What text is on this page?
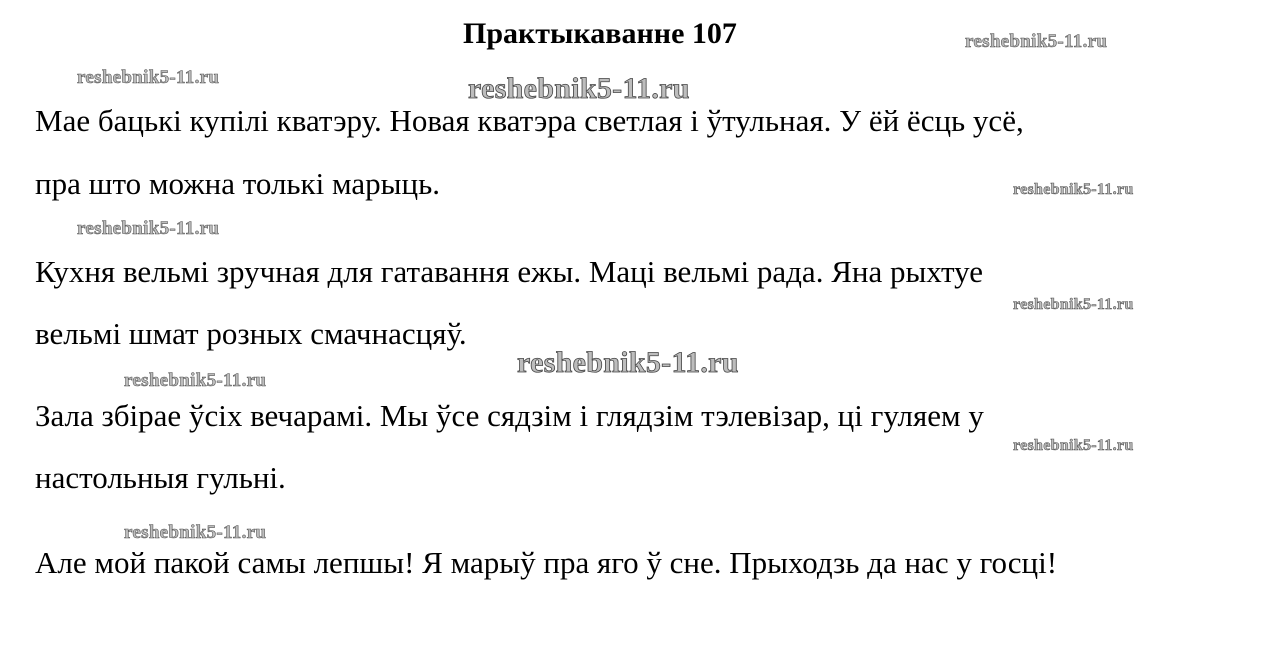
Практыкаванне 107
Мае бацькі купілі кватэру. Новая кватэра светлая і ўтульная. У ёй ёсць усё,
пра што можна толькі марыць.
Кухня вельмі зручная для гатавання ежы. Маці вельмі рада. Яна рыхтуе
вельмі шмат розных смачнасцяў.
Зала збірае ўсіх вечарамі. Мы ўсе сядзім і глядзім тэлевізар, ці гуляем у
настольныя гульні.
Але мой пакой самы лепшы! Я марыў пра яго ў сне. Прыходзь да нас у госці!
reshebnik5-11.ru
reshebnik5-11.ru	reshebnik5-11.ru
reshebnik5-11.ru
reshebnik5-11.ru
reshebnik5-11.ru
reshebnik5-11.ru
reshebnik5-11.ru
reshebnik5-11.ru
reshebnik5-11.ru
